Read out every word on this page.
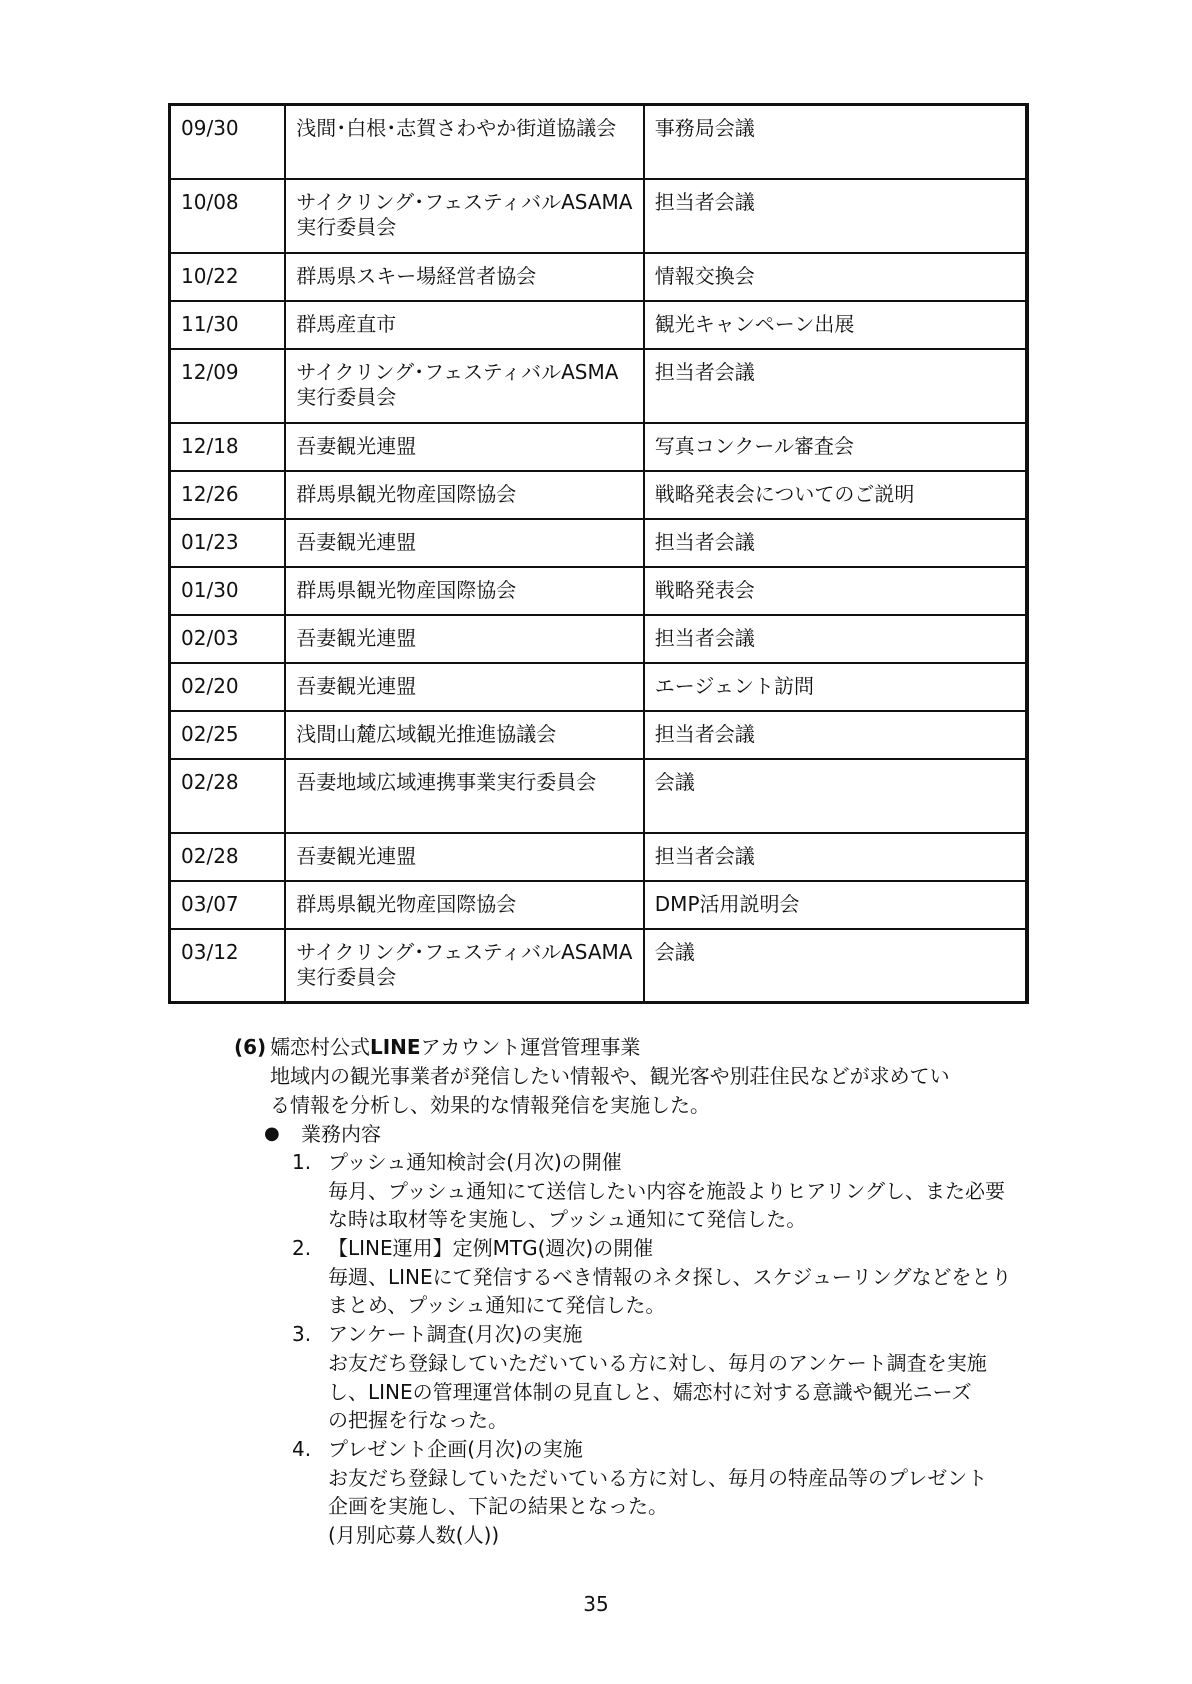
09/30	浅間･白根･志賀さわやか街道協議会	事務局会議
10/08	サイクリング･フェスティバルASAMA実行委員会	担当者会議
10/22	群馬県スキー場経営者協会	情報交換会
11/30	群馬産直市	観光キャンペーン出展
12/09	サイクリング･フェスティバルASMA実行委員会	担当者会議
12/18	吾妻観光連盟	写真コンクール審査会
12/26	群馬県観光物産国際協会	戦略発表会についてのご説明
01/23	吾妻観光連盟	担当者会議
01/30	群馬県観光物産国際協会	戦略発表会
02/03	吾妻観光連盟	担当者会議
02/20	吾妻観光連盟	エージェント訪問
02/25	浅間山麓広域観光推進協議会	担当者会議
02/28	吾妻地域広域連携事業実行委員会	会議
02/28	吾妻観光連盟	担当者会議
03/07	群馬県観光物産国際協会	DMP活用説明会
03/12	サイクリング･フェスティバルASAMA実行委員会	会議
(6) 嬬恋村公式LINEアカウント運営管理事業
地域内の観光事業者が発信したい情報や、観光客や別荘住民などが求めてい
る情報を分析し、効果的な情報発信を実施した。
● 業務内容
1. プッシュ通知検討会(月次)の開催
毎月、プッシュ通知にて送信したい内容を施設よりヒアリングし、また必要
な時は取材等を実施し、プッシュ通知にて発信した。
2. 【LINE運用】定例MTG(週次)の開催
毎週、LINEにて発信するべき情報のネタ探し、スケジューリングなどをとり
まとめ、プッシュ通知にて発信した。
3. アンケート調査(月次)の実施
お友だち登録していただいている方に対し、毎月のアンケート調査を実施
し、LINEの管理運営体制の見直しと、嬬恋村に対する意識や観光ニーズ
の把握を行なった。
4. プレゼント企画(月次)の実施
お友だち登録していただいている方に対し、毎月の特産品等のプレゼント
企画を実施し、下記の結果となった。
(月別応募人数(人))
35
